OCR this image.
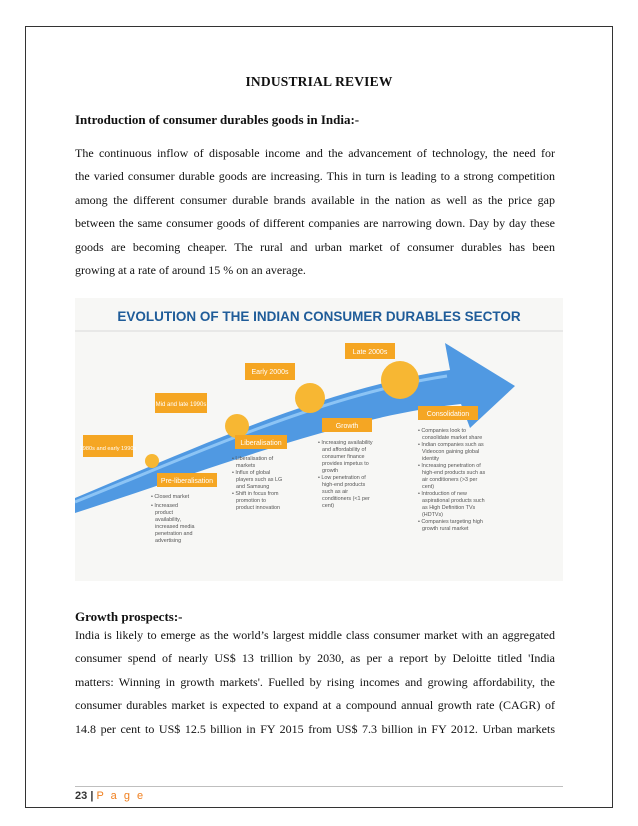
INDUSTRIAL REVIEW
Introduction of consumer durables goods in India:-
The continuous inflow of disposable income and the advancement of technology, the need for
the varied consumer durable goods are increasing. This in turn is leading to a strong competition
among the different consumer durable brands available in the nation as well as the price gap
between the same consumer goods of different companies are narrowing down. Day by day these
goods are becoming cheaper. The rural and urban market of consumer durables has been
growing at a rate of around 15 % on an average.
EVOLUTION OF THE INDIAN CONSUMER DURABLES SECTOR
1980s and early 1990s
Mid and late 1990s
Early 2000s
Late 2000s
Pre-liberalisation
Liberalisation
Growth
Consolidation
• Closed market
• Increased
product
availability,
increased media
penetration and
advertising
• Liberalisation of
markets
• Influx of global
players such as LG
and Samsung
• Shift in focus from
promotion to
product innovation
• Increasing availability
and affordability of
consumer finance
provides impetus to
growth
• Low penetration of
high-end products
such as air
conditioners (<1 per
cent)
• Companies look to
consolidate market share
• Indian companies such as
Videocon gaining global
identity
• Increasing penetration of
high-end products such as
air conditioners (>3 per
cent)
• Introduction of new
aspirational products such
as High Definition TVs
(HDTVs)
• Companies targeting high
growth rural market
Growth prospects:-
India is likely to emerge as the world’s largest middle class consumer market with an aggregated
consumer spend of nearly US$ 13 trillion by 2030, as per a report by Deloitte titled 'India
matters: Winning in growth markets'. Fuelled by rising incomes and growing affordability, the
consumer durables market is expected to expand at a compound annual growth rate (CAGR) of
14.8 per cent to US$ 12.5 billion in FY 2015 from US$ 7.3 billion in FY 2012. Urban markets
23 | P a g e
